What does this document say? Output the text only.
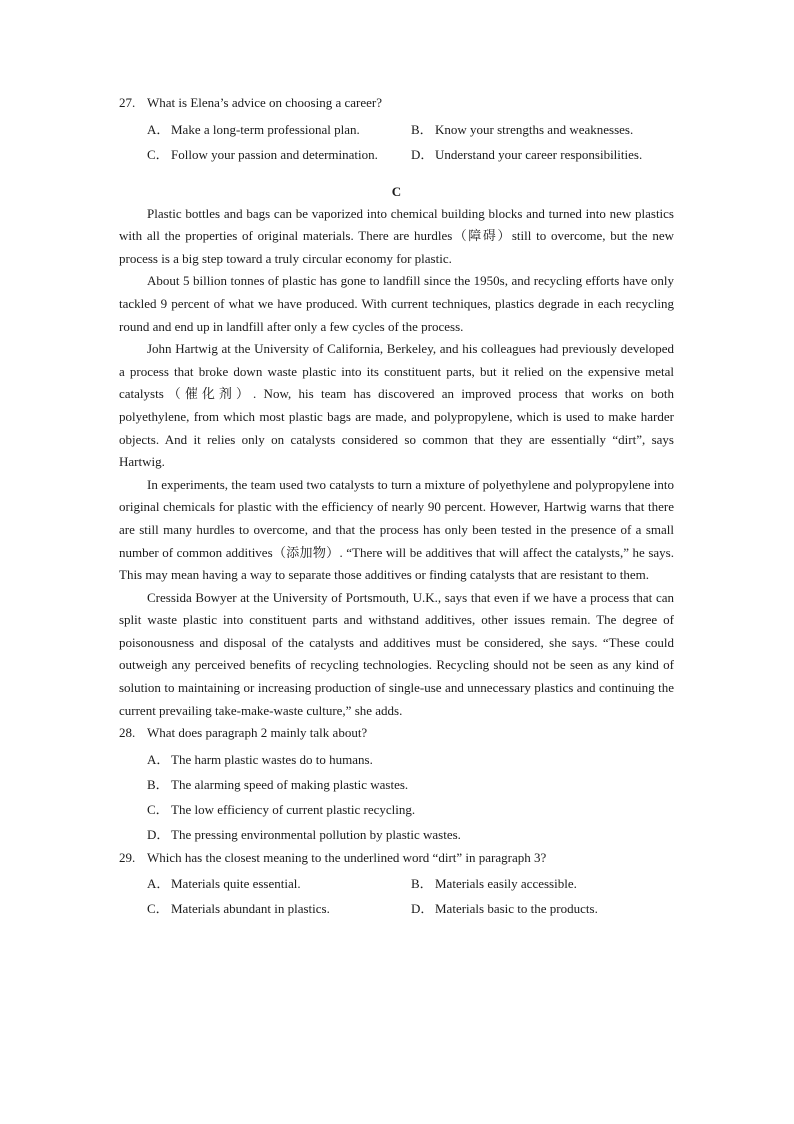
27. What is Elena’s advice on choosing a career?
A． Make a long-term professional plan.	B． Know your strengths and weaknesses.
C． Follow your passion and determination.	D． Understand your career responsibilities.
C

Plastic bottles and bags can be vaporized into chemical building blocks and turned into new plastics with all the properties of original materials. There are hurdles（障碍）still to overcome, but the new process is a big step toward a truly circular economy for plastic.

About 5 billion tonnes of plastic has gone to landfill since the 1950s, and recycling efforts have only tackled 9 percent of what we have produced. With current techniques, plastics degrade in each recycling round and end up in landfill after only a few cycles of the process.

John Hartwig at the University of California, Berkeley, and his colleagues had previously developed a process that broke down waste plastic into its constituent parts, but it relied on the expensive metal catalysts（催化剂）. Now, his team has discovered an improved process that works on both polyethylene, from which most plastic bags are made, and polypropylene, which is used to make harder objects. And it relies only on catalysts considered so common that they are essentially “dirt”, says Hartwig.

In experiments, the team used two catalysts to turn a mixture of polyethylene and polypropylene into original chemicals for plastic with the efficiency of nearly 90 percent. However, Hartwig warns that there are still many hurdles to overcome, and that the process has only been tested in the presence of a small number of common additives（添加物）. “There will be additives that will affect the catalysts,” he says. This may mean having a way to separate those additives or finding catalysts that are resistant to them.

Cressida Bowyer at the University of Portsmouth, U.K., says that even if we have a process that can split waste plastic into constituent parts and withstand additives, other issues remain. The degree of poisonousness and disposal of the catalysts and additives must be considered, she says. “These could outweigh any perceived benefits of recycling technologies. Recycling should not be seen as any kind of solution to maintaining or increasing production of single-use and unnecessary plastics and continuing the current prevailing take-make-waste culture,” she adds.

28. What does paragraph 2 mainly talk about?
A． The harm plastic wastes do to humans.
B． The alarming speed of making plastic wastes.
C． The low efficiency of current plastic recycling.
D． The pressing environmental pollution by plastic wastes.
29. Which has the closest meaning to the underlined word “dirt” in paragraph 3?
A． Materials quite essential.	B． Materials easily accessible.
C． Materials abundant in plastics.	D． Materials basic to the products.
